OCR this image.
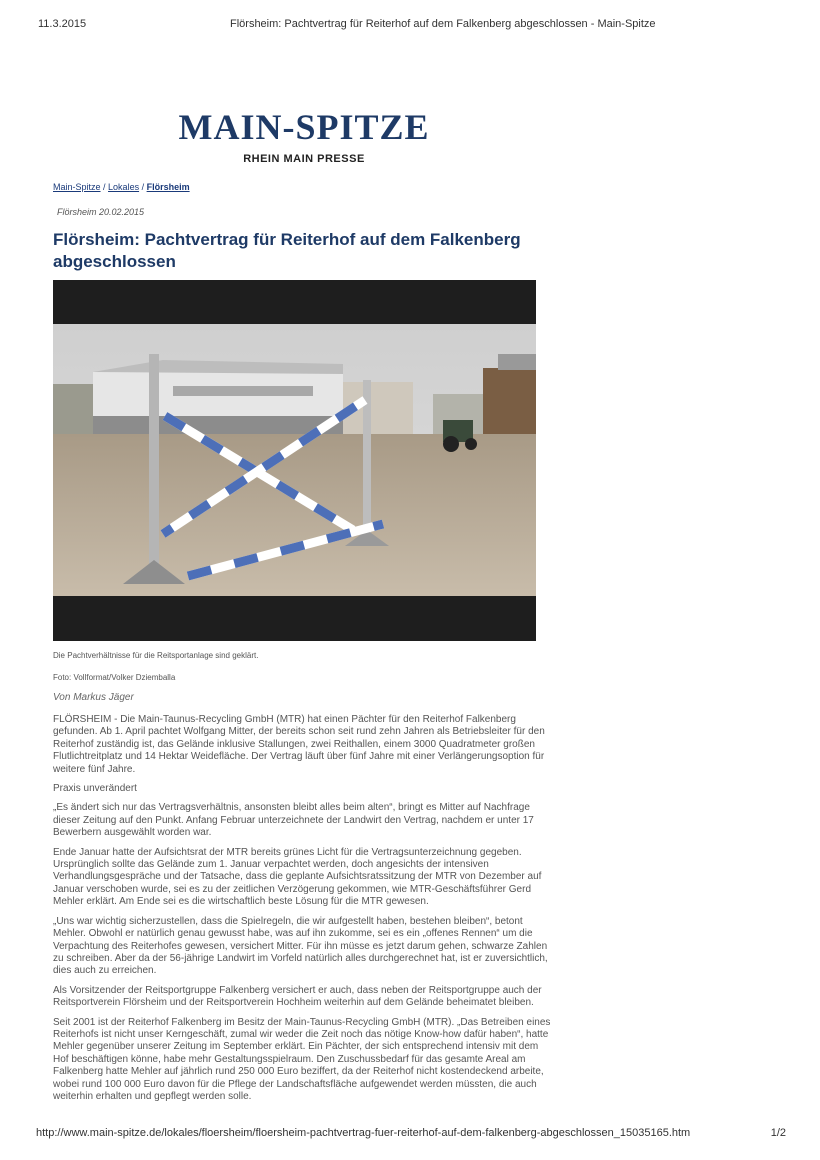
11.3.2015	Flörsheim: Pachtvertrag für Reiterhof auf dem Falkenberg abgeschlossen - Main-Spitze
MAIN-SPITZE
RHEIN MAIN PRESSE
Main-Spitze / Lokales / Flörsheim
Flörsheim 20.02.2015
Flörsheim: Pachtvertrag für Reiterhof auf dem Falkenberg abgeschlossen
Die Pachtverhältnisse für die Reitsportanlage sind geklärt.
Foto: Vollformat/Volker Dziemballa
Von Markus Jäger

FLÖRSHEIM - Die Main-Taunus-Recycling GmbH (MTR) hat einen Pächter für den Reiterhof Falkenberg gefunden. Ab 1. April pachtet Wolfgang Mitter, der bereits schon seit rund zehn Jahren als Betriebsleiter für den Reiterhof zuständig ist, das Gelände inklusive Stallungen, zwei Reithallen, einem 3000 Quadratmeter großen Flutlichtreitplatz und 14 Hektar Weidefläche. Der Vertrag läuft über fünf Jahre mit einer Verlängerungsoption für weitere fünf Jahre.

Praxis unverändert

„Es ändert sich nur das Vertragsverhältnis, ansonsten bleibt alles beim alten“, bringt es Mitter auf Nachfrage dieser Zeitung auf den Punkt. Anfang Februar unterzeichnete der Landwirt den Vertrag, nachdem er unter 17 Bewerbern ausgewählt worden war.

Ende Januar hatte der Aufsichtsrat der MTR bereits grünes Licht für die Vertragsunterzeichnung gegeben. Ursprünglich sollte das Gelände zum 1. Januar verpachtet werden, doch angesichts der intensiven Verhandlungsgespräche und der Tatsache, dass die geplante Aufsichtsratssitzung der MTR von Dezember auf Januar verschoben wurde, sei es zu der zeitlichen Verzögerung gekommen, wie MTR-Geschäftsführer Gerd Mehler erklärt. Am Ende sei es die wirtschaftlich beste Lösung für die MTR gewesen.

„Uns war wichtig sicherzustellen, dass die Spielregeln, die wir aufgestellt haben, bestehen bleiben“, betont Mehler. Obwohl er natürlich genau gewusst habe, was auf ihn zukomme, sei es ein „offenes Rennen“ um die Verpachtung des Reiterhofes gewesen, versichert Mitter. Für ihn müsse es jetzt darum gehen, schwarze Zahlen zu schreiben. Aber da der 56-jährige Landwirt im Vorfeld natürlich alles durchgerechnet hat, ist er zuversichtlich, dies auch zu erreichen.

Als Vorsitzender der Reitsportgruppe Falkenberg versichert er auch, dass neben der Reitsportgruppe auch der Reitsportverein Flörsheim und der Reitsportverein Hochheim weiterhin auf dem Gelände beheimatet bleiben.

Seit 2001 ist der Reiterhof Falkenberg im Besitz der Main-Taunus-Recycling GmbH (MTR). „Das Betreiben eines Reiterhofs ist nicht unser Kerngeschäft, zumal wir weder die Zeit noch das nötige Know-how dafür haben“, hatte Mehler gegenüber unserer Zeitung im September erklärt. Ein Pächter, der sich entsprechend intensiv mit dem Hof beschäftigen könne, habe mehr Gestaltungsspielraum. Den Zuschussbedarf für das gesamte Areal am Falkenberg hatte Mehler auf jährlich rund 250 000 Euro beziffert, da der Reiterhof nicht kostendeckend arbeite, wobei rund 100 000 Euro davon für die Pflege der Landschaftsfläche aufgewendet werden müssten, die auch weiterhin erhalten und gepflegt werden solle.

http://www.main-spitze.de/lokales/floersheim/floersheim-pachtvertrag-fuer-reiterhof-auf-dem-falkenberg-abgeschlossen_15035165.htm	1/2
